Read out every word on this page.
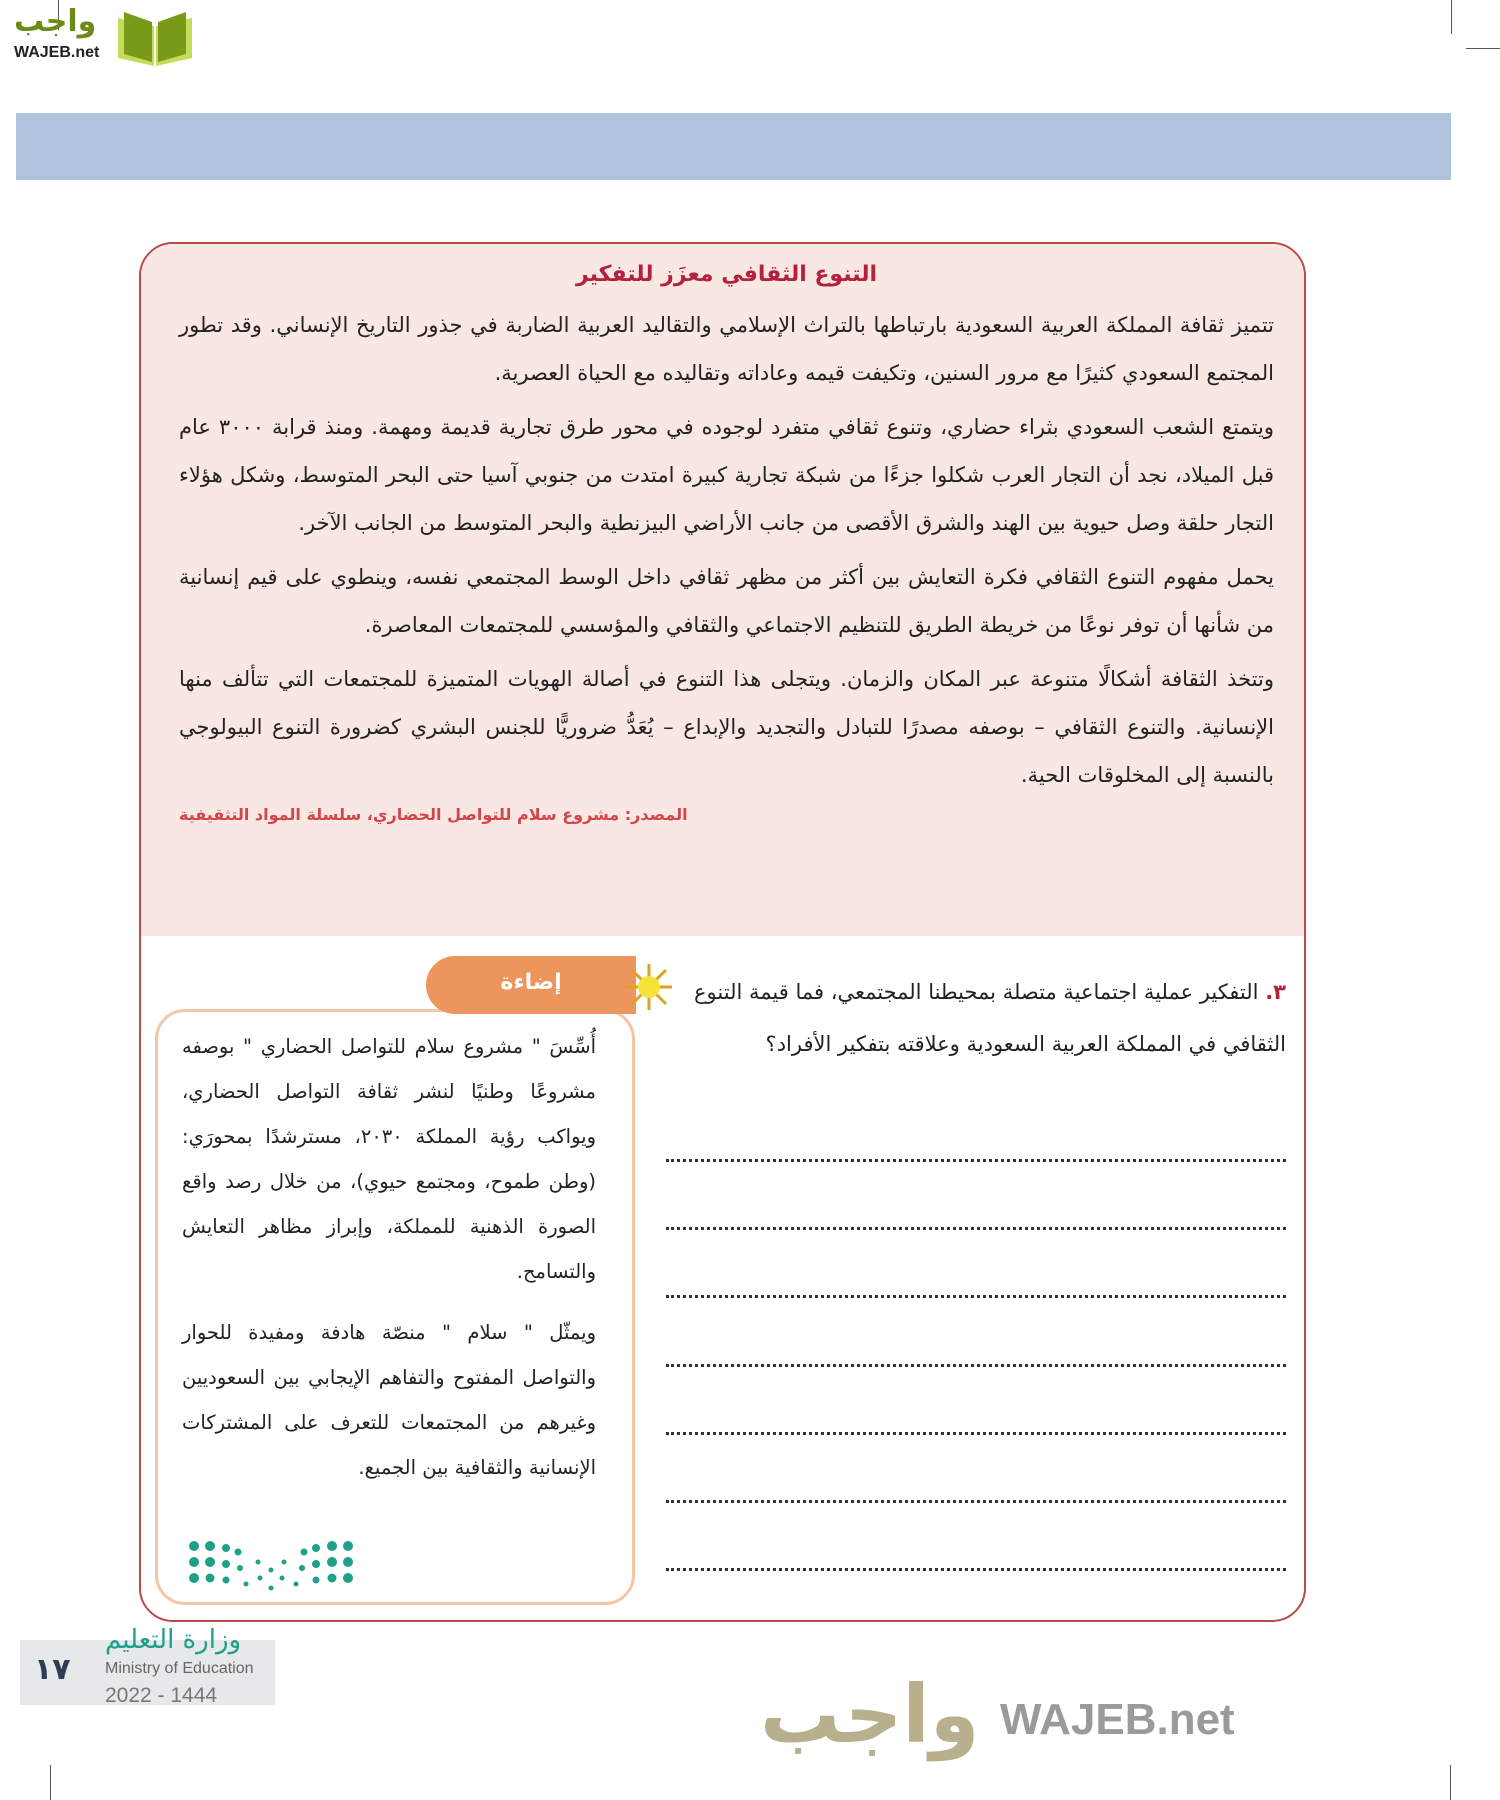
واجب
WAJEB.net
التنوع الثقافي معزَز للتفكير

تتميز ثقافة المملكة العربية السعودية بارتباطها بالتراث الإسلامي والتقاليد العربية الضاربة في جذور التاريخ الإنساني. وقد تطور المجتمع السعودي كثيرًا مع مرور السنين، وتكيفت قيمه وعاداته وتقاليده مع الحياة العصرية.

ويتمتع الشعب السعودي بثراء حضاري، وتنوع ثقافي متفرد لوجوده في محور طرق تجارية قديمة ومهمة. ومنذ قرابة ٣٠٠٠ عام قبل الميلاد، نجد أن التجار العرب شكلوا جزءًا من شبكة تجارية كبيرة امتدت من جنوبي آسيا حتى البحر المتوسط، وشكل هؤلاء التجار حلقة وصل حيوية بين الهند والشرق الأقصى من جانب الأراضي البيزنطية والبحر المتوسط من الجانب الآخر.

يحمل مفهوم التنوع الثقافي فكرة التعايش بين أكثر من مظهر ثقافي داخل الوسط المجتمعي نفسه، وينطوي على قيم إنسانية من شأنها أن توفر نوعًا من خريطة الطريق للتنظيم الاجتماعي والثقافي والمؤسسي للمجتمعات المعاصرة.

وتتخذ الثقافة أشكالًا متنوعة عبر المكان والزمان. ويتجلى هذا التنوع في أصالة الهويات المتميزة للمجتمعات التي تتألف منها الإنسانية. والتنوع الثقافي – بوصفه مصدرًا للتبادل والتجديد والإبداع – يُعَدُّ ضروريًّا للجنس البشري كضرورة التنوع البيولوجي بالنسبة إلى المخلوقات الحية.

المصدر: مشروع سلام للتواصل الحضاري، سلسلة المواد التثقيفية
٣. التفكير عملية اجتماعية متصلة بمحيطنا المجتمعي، فما قيمة التنوع الثقافي في المملكة العربية السعودية وعلاقته بتفكير الأفراد؟

أُسِّسَ " مشروع سلام للتواصل الحضاري " بوصفه مشروعًا وطنيًا لنشر ثقافة التواصل الحضاري، ويواكب رؤية المملكة ٢٠٣٠، مسترشدًا بمحورَي: (وطن طموح، ومجتمع حيوي)، من خلال رصد واقع الصورة الذهنية للمملكة، وإبراز مظاهر التعايش والتسامح.

ويمثّل " سلام " منصّة هادفة ومفيدة للحوار والتواصل المفتوح والتفاهم الإيجابي بين السعوديين وغيرهم من المجتمعات للتعرف على المشتركات الإنسانية والثقافية بين الجميع.

إضاءة
واجب WAJEB.net
١٧
وزارة التعليم
Ministry of Education
2022 - 1444
